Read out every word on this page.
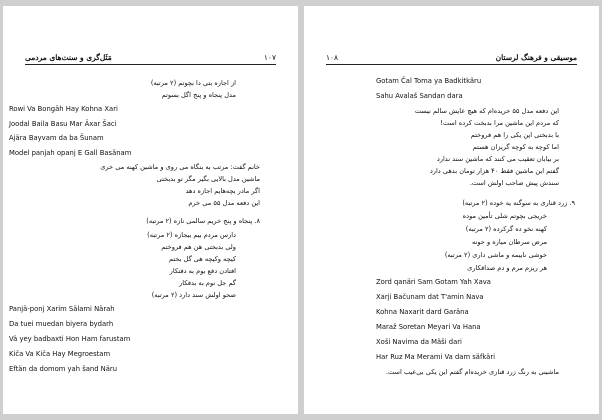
مَثَل‌گری و سنت‌های مردمی	۱۰۷
از اجاره بتی دا بچوتم (۲ مرتبه)
مدل پنجاه و پنج اگل بسوتم
Rowi Va Bongäh Hay Kohna Xari
Joodal Baila Basu Mar Äxar Šaci
Ajära Bayvam da ba Šunam
Model panjah opanj E Gall Basänam
خانم گفت: مرتب به بنگاه می روی و ماشین کهنه می خری
ماشین مدل بالایی بگیر مگر تو بدبختی
اگر مادر بچه‌هایم اجازه دهد
این دفعه مدل ۵۵ می خرم
۸. پنجاه و پنج خریم سالمی نازه (۲ مرتبه)
دارس مردم بیم بیجازه (۲ مرتبه)
ولی بدبختی هن هم فروختم
کیچه وکیچه هی گل بختم
افتادن دفع بوم به دفتکار
گم جل نوم به بدفکار
صحو اولش سند دارد (۲ مرتبه)
Panjä-ponj Xarim Sälami Närah
Da tuei muedan biyera bydarh
Vä yey badbaxti Hon Ham farustam
Kiča Va Kiča Hay Megroestam
Eftän da domom yah šand Näru
۱۰۸	موسیقی و فرهنگ لرستان
Gotam Čal Toma ya Badkitkäru
Sahu Avalaš Sandan dara
این دفعه مدل ۵۵ خریده‌ام که هیچ عایش سالم نیست
که مردم این ماشین مرا بدبخت کرده است!
با بدبختی این یکی را هم فروختم
اما کوچه به کوچه گریزان هستم
بر بیابان تعقیب می کنند که ماشین سند ندارد
گفتم این ماشین فقط ۴۰ هزار تومان بدهی دارد
سندش پیش صاحب اولش است.
۹. زرد قناری به سوگنه یه خوده (۲ مرتبه)
خریجی بچوتم شلی تأمین موده
کهنه نخو ده گرکرده (۲ مرتبه)
مرض سرطان میاره و حونه
خوشی نابیمه و ماشی داری (۲ مرتبه)
هر ریزم مرم و دم صداقکاری
Zord qanäri Sam Gotam Yah Xava
Xarji Bačunam dat T'amin Nava
Kohna Naxarit dard Garäna
Maraž Soretan Meyari Va Hana
Xoši Navima da Mäši dari
Har Ruz Ma Merami Va dam säfkäri
ماشینی به رنگ زرد قناری خریده‌ام گفتم این یکی بی‌عیب است.
